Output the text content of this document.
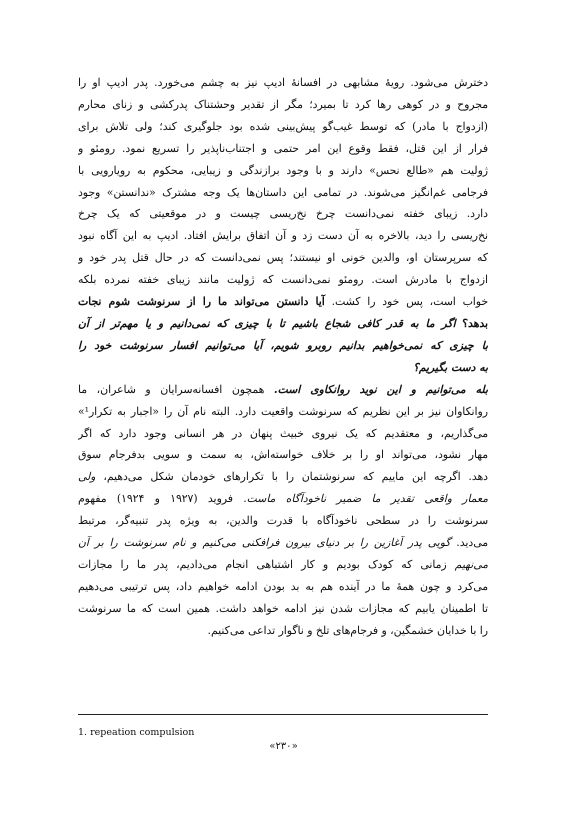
دخترش می‌شود. رویهٔ مشابهی در افسانهٔ ادیپ نیز به چشم می‌خورد. پدر ادیپ او را
مجروح و در کوهی رها کرد تا بمیرد؛ مگر از تقدیر وحشتناک پدرکشی و زنای محارم
(ازدواج با مادر) که توسط غیب‌گو پیش‌بینی شده بود جلوگیری کند؛ ولی تلاش برای
فرار از این قتل، فقط وقوع این امر حتمی و اجتناب‌ناپذیر را تسریع نمود. رومئو و
ژولیت هم «طالع نحس» دارند و با وجود برازندگی و زیبایی، محکوم به رویارویی با
فرجامی غم‌انگیز می‌شوند. در تمامی این داستان‌ها یک وجه مشترک «ندانستن» وجود
دارد. زیبای خفته نمی‌دانست چرخ نخ‌ریسی چیست و در موقعیتی که یک چرخ
نخ‌ریسی را دید، بالاخره به آن دست زد و آن اتفاق برایش افتاد. ادیپ به این آگاه نبود
که سرپرستان او، والدین خونی او نیستند؛ پس نمی‌دانست که در حال قتل پدر خود و
ازدواج با مادرش است. رومئو نمی‌دانست که ژولیت مانند زیبای خفته نمرده بلکه
خواب است، پس خود را کشت. آیا دانستن می‌تواند ما را از سرنوشت شوم نجات
بدهد؟ اگر ما به قدر کافی شجاع باشیم تا با چیزی که نمی‌دانیم و یا مهم‌تر از آن
با چیزی که نمی‌خواهیم بدانیم روبرو شویم، آیا می‌توانیم افسار سرنوشت خود را
به دست بگیریم؟

بله می‌توانیم و این نوید روانکاوی است. همچون افسانه‌سرایان و شاعران، ما
روانکاوان نیز بر این نظریم که سرنوشت واقعیت دارد. البته نام آن را «اجبار به تکرار¹»
می‌گذاریم، و معتقدیم که یک نیروی خبیث پنهان در هر انسانی وجود دارد که اگر
مهار نشود، می‌تواند او را بر خلاف خواسته‌اش، به سمت و سویی بدفرجام سوق
دهد. اگرچه این ماییم که سرنوشتمان را با تکرارهای خودمان شکل می‌دهیم، ولی
معمار واقعی تقدیر ما ضمیر ناخودآگاه ماست. فروید (۱۹۲۷ و ۱۹۲۴) مفهوم
سرنوشت را در سطحی ناخودآگاه با قدرت والدین، به ویژه پدر تنبیه‌گر، مرتبط
می‌دید. گویی پدر آغازین را بر دنیای بیرون فرافکنی می‌کنیم و نام سرنوشت را بر آن
می‌نهیم زمانی که کودک بودیم و کار اشتباهی انجام می‌دادیم، پدر ما را مجازات
می‌کرد و چون همهٔ ما در آینده هم به بد بودن ادامه خواهیم داد، پس ترتیبی می‌دهیم
تا اطمینان یابیم که مجازات شدن نیز ادامه خواهد داشت. همین است که ما سرنوشت
را با خدایان خشمگین، و فرجام‌های تلخ و ناگوار تداعی می‌کنیم.

1. repeation compulsion
«۲۳۰»
